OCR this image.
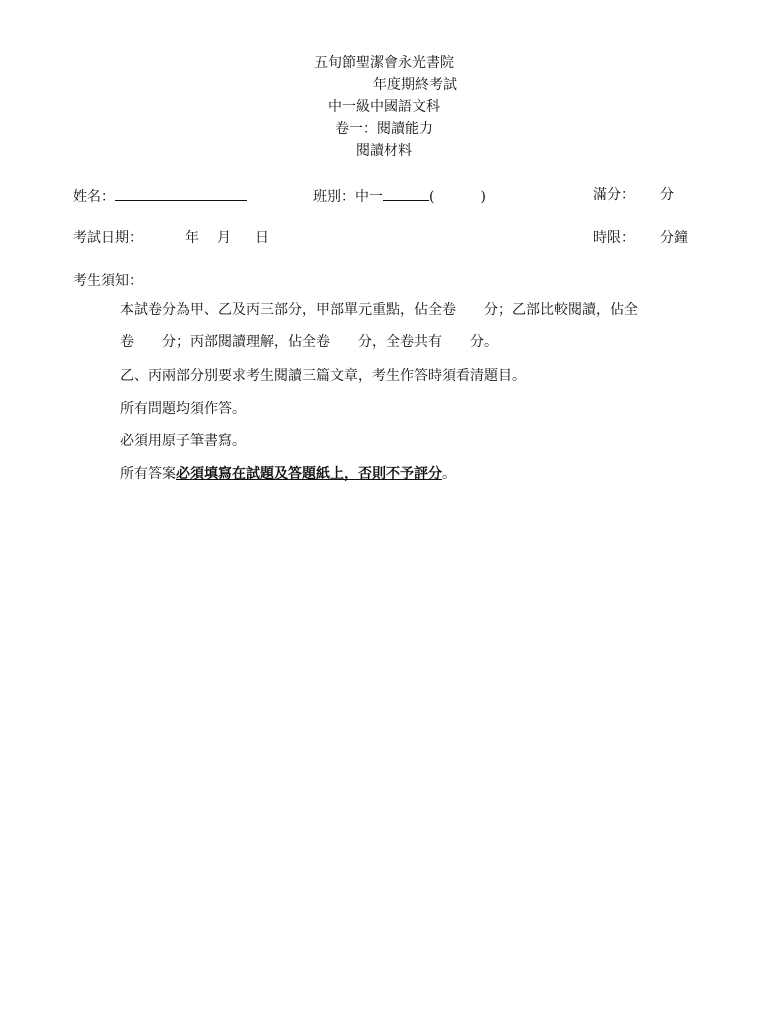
五旬節聖潔會永光書院
年度期終考試
中一級中國語文科
卷一：閱讀能力
閱讀材料
姓名：	班別：中一	(	)	滿分： 分
考試日期：	年 月 日	時限： 分鐘
考生須知：
本試卷分為甲、乙及丙三部分，甲部單元重點，佔全卷　　分；乙部比較閱讀，佔全
卷　　分；丙部閱讀理解，佔全卷　　分，全卷共有　　分。
乙、丙兩部分別要求考生閱讀三篇文章，考生作答時須看清題目。
所有問題均須作答。
必須用原子筆書寫。
所有答案必須填寫在試題及答題紙上，否則不予評分。
